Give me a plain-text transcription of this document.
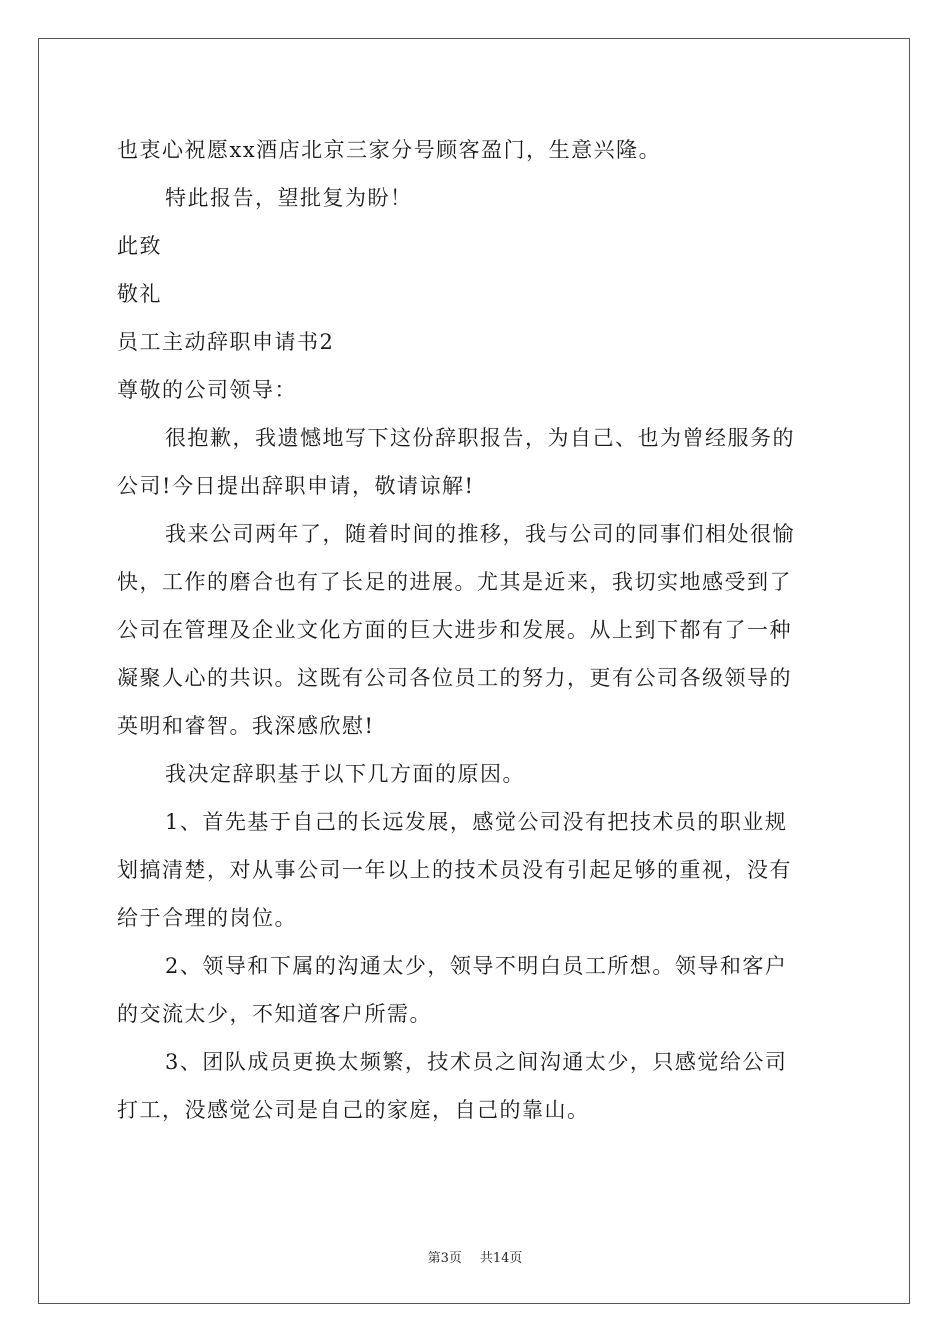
也衷心祝愿xx酒店北京三家分号顾客盈门，生意兴隆。
特此报告，望批复为盼！
此致
敬礼
员工主动辞职申请书2
尊敬的公司领导：
很抱歉，我遗憾地写下这份辞职报告，为自己、也为曾经服务的
公司!今日提出辞职申请，敬请谅解!
我来公司两年了，随着时间的推移，我与公司的同事们相处很愉
快，工作的磨合也有了长足的进展。尤其是近来，我切实地感受到了
公司在管理及企业文化方面的巨大进步和发展。从上到下都有了一种
凝聚人心的共识。这既有公司各位员工的努力，更有公司各级领导的
英明和睿智。我深感欣慰!
我决定辞职基于以下几方面的原因。
1、首先基于自己的长远发展，感觉公司没有把技术员的职业规
划搞清楚，对从事公司一年以上的技术员没有引起足够的重视，没有
给于合理的岗位。
2、领导和下属的沟通太少，领导不明白员工所想。领导和客户
的交流太少，不知道客户所需。
3、团队成员更换太频繁，技术员之间沟通太少，只感觉给公司
打工，没感觉公司是自己的家庭，自己的靠山。
第3页 共14页
